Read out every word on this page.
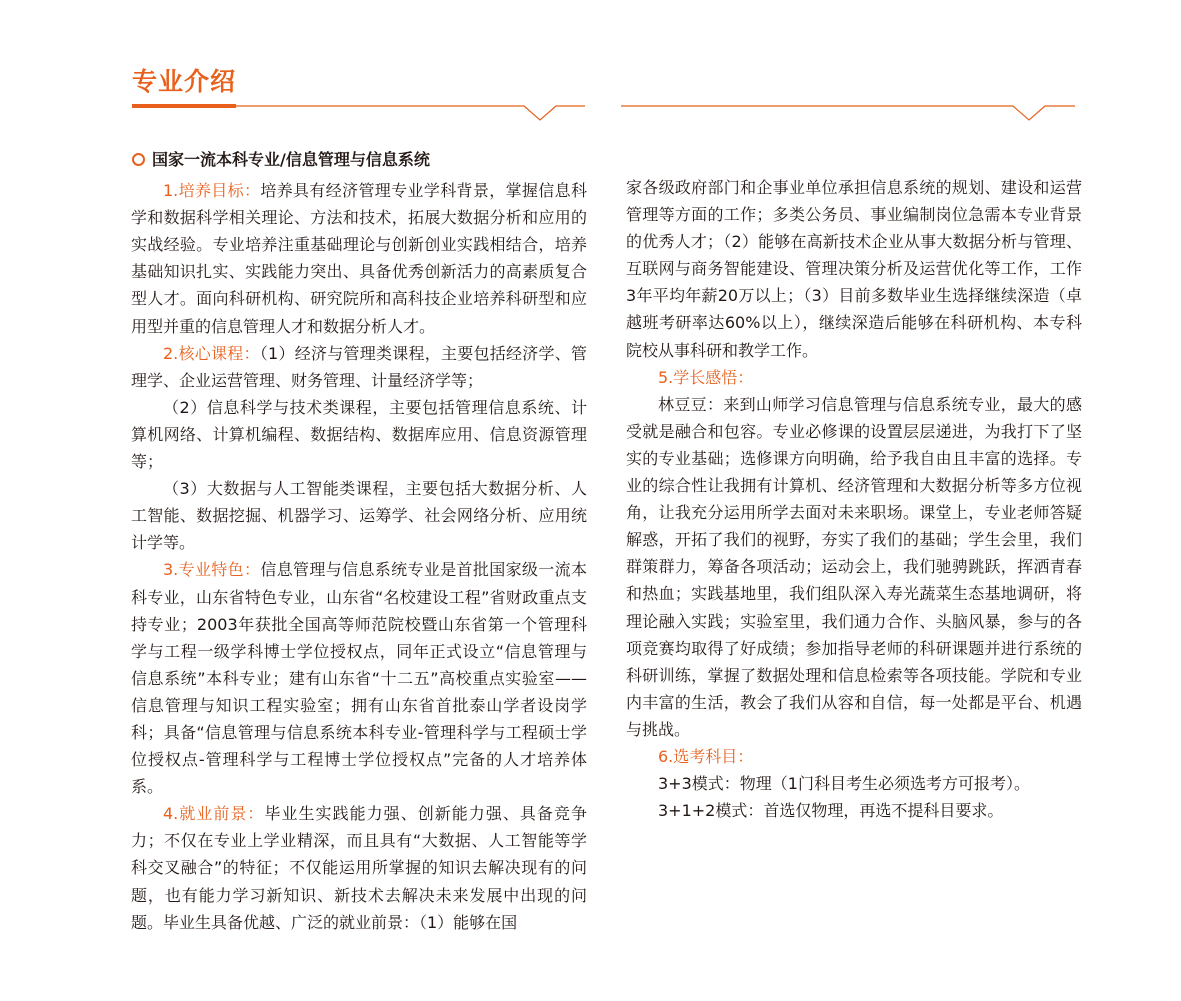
专业介绍
国家一流本科专业/信息管理与信息系统

1.培养目标：培养具有经济管理专业学科背景，掌握信息科学和数据科学相关理论、方法和技术，拓展大数据分析和应用的实战经验。专业培养注重基础理论与创新创业实践相结合，培养基础知识扎实、实践能力突出、具备优秀创新活力的高素质复合型人才。面向科研机构、研究院所和高科技企业培养科研型和应用型并重的信息管理人才和数据分析人才。

2.核心课程：（1）经济与管理类课程，主要包括经济学、管理学、企业运营管理、财务管理、计量经济学等；

（2）信息科学与技术类课程，主要包括管理信息系统、计算机网络、计算机编程、数据结构、数据库应用、信息资源管理等；

（3）大数据与人工智能类课程，主要包括大数据分析、人工智能、数据挖掘、机器学习、运筹学、社会网络分析、应用统计学等。

3.专业特色：信息管理与信息系统专业是首批国家级一流本科专业，山东省特色专业，山东省“名校建设工程”省财政重点支持专业；2003年获批全国高等师范院校暨山东省第一个管理科学与工程一级学科博士学位授权点，同年正式设立“信息管理与信息系统”本科专业；建有山东省“十二五”高校重点实验室——信息管理与知识工程实验室；拥有山东省首批泰山学者设岗学科；具备“信息管理与信息系统本科专业-管理科学与工程硕士学位授权点-管理科学与工程博士学位授权点”完备的人才培养体系。

4.就业前景：毕业生实践能力强、创新能力强、具备竞争力；不仅在专业上学业精深，而且具有“大数据、人工智能等学科交叉融合”的特征；不仅能运用所掌握的知识去解决现有的问题，也有能力学习新知识、新技术去解决未来发展中出现的问题。毕业生具备优越、广泛的就业前景：（1）能够在国

家各级政府部门和企事业单位承担信息系统的规划、建设和运营管理等方面的工作；多类公务员、事业编制岗位急需本专业背景的优秀人才；（2）能够在高新技术企业从事大数据分析与管理、互联网与商务智能建设、管理决策分析及运营优化等工作，工作3年平均年薪20万以上；（3）目前多数毕业生选择继续深造（卓越班考研率达60%以上），继续深造后能够在科研机构、本专科院校从事科研和教学工作。

5.学长感悟：

林豆豆：来到山师学习信息管理与信息系统专业，最大的感受就是融合和包容。专业必修课的设置层层递进，为我打下了坚实的专业基础；选修课方向明确，给予我自由且丰富的选择。专业的综合性让我拥有计算机、经济管理和大数据分析等多方位视角，让我充分运用所学去面对未来职场。课堂上，专业老师答疑解惑，开拓了我们的视野，夯实了我们的基础；学生会里，我们群策群力，筹备各项活动；运动会上，我们驰骋跳跃，挥洒青春和热血；实践基地里，我们组队深入寿光蔬菜生态基地调研，将理论融入实践；实验室里，我们通力合作、头脑风暴，参与的各项竞赛均取得了好成绩；参加指导老师的科研课题并进行系统的科研训练，掌握了数据处理和信息检索等各项技能。学院和专业内丰富的生活，教会了我们从容和自信，每一处都是平台、机遇与挑战。

6.选考科目：

3+3模式：物理（1门科目考生必须选考方可报考）。

3+1+2模式：首选仅物理，再选不提科目要求。
